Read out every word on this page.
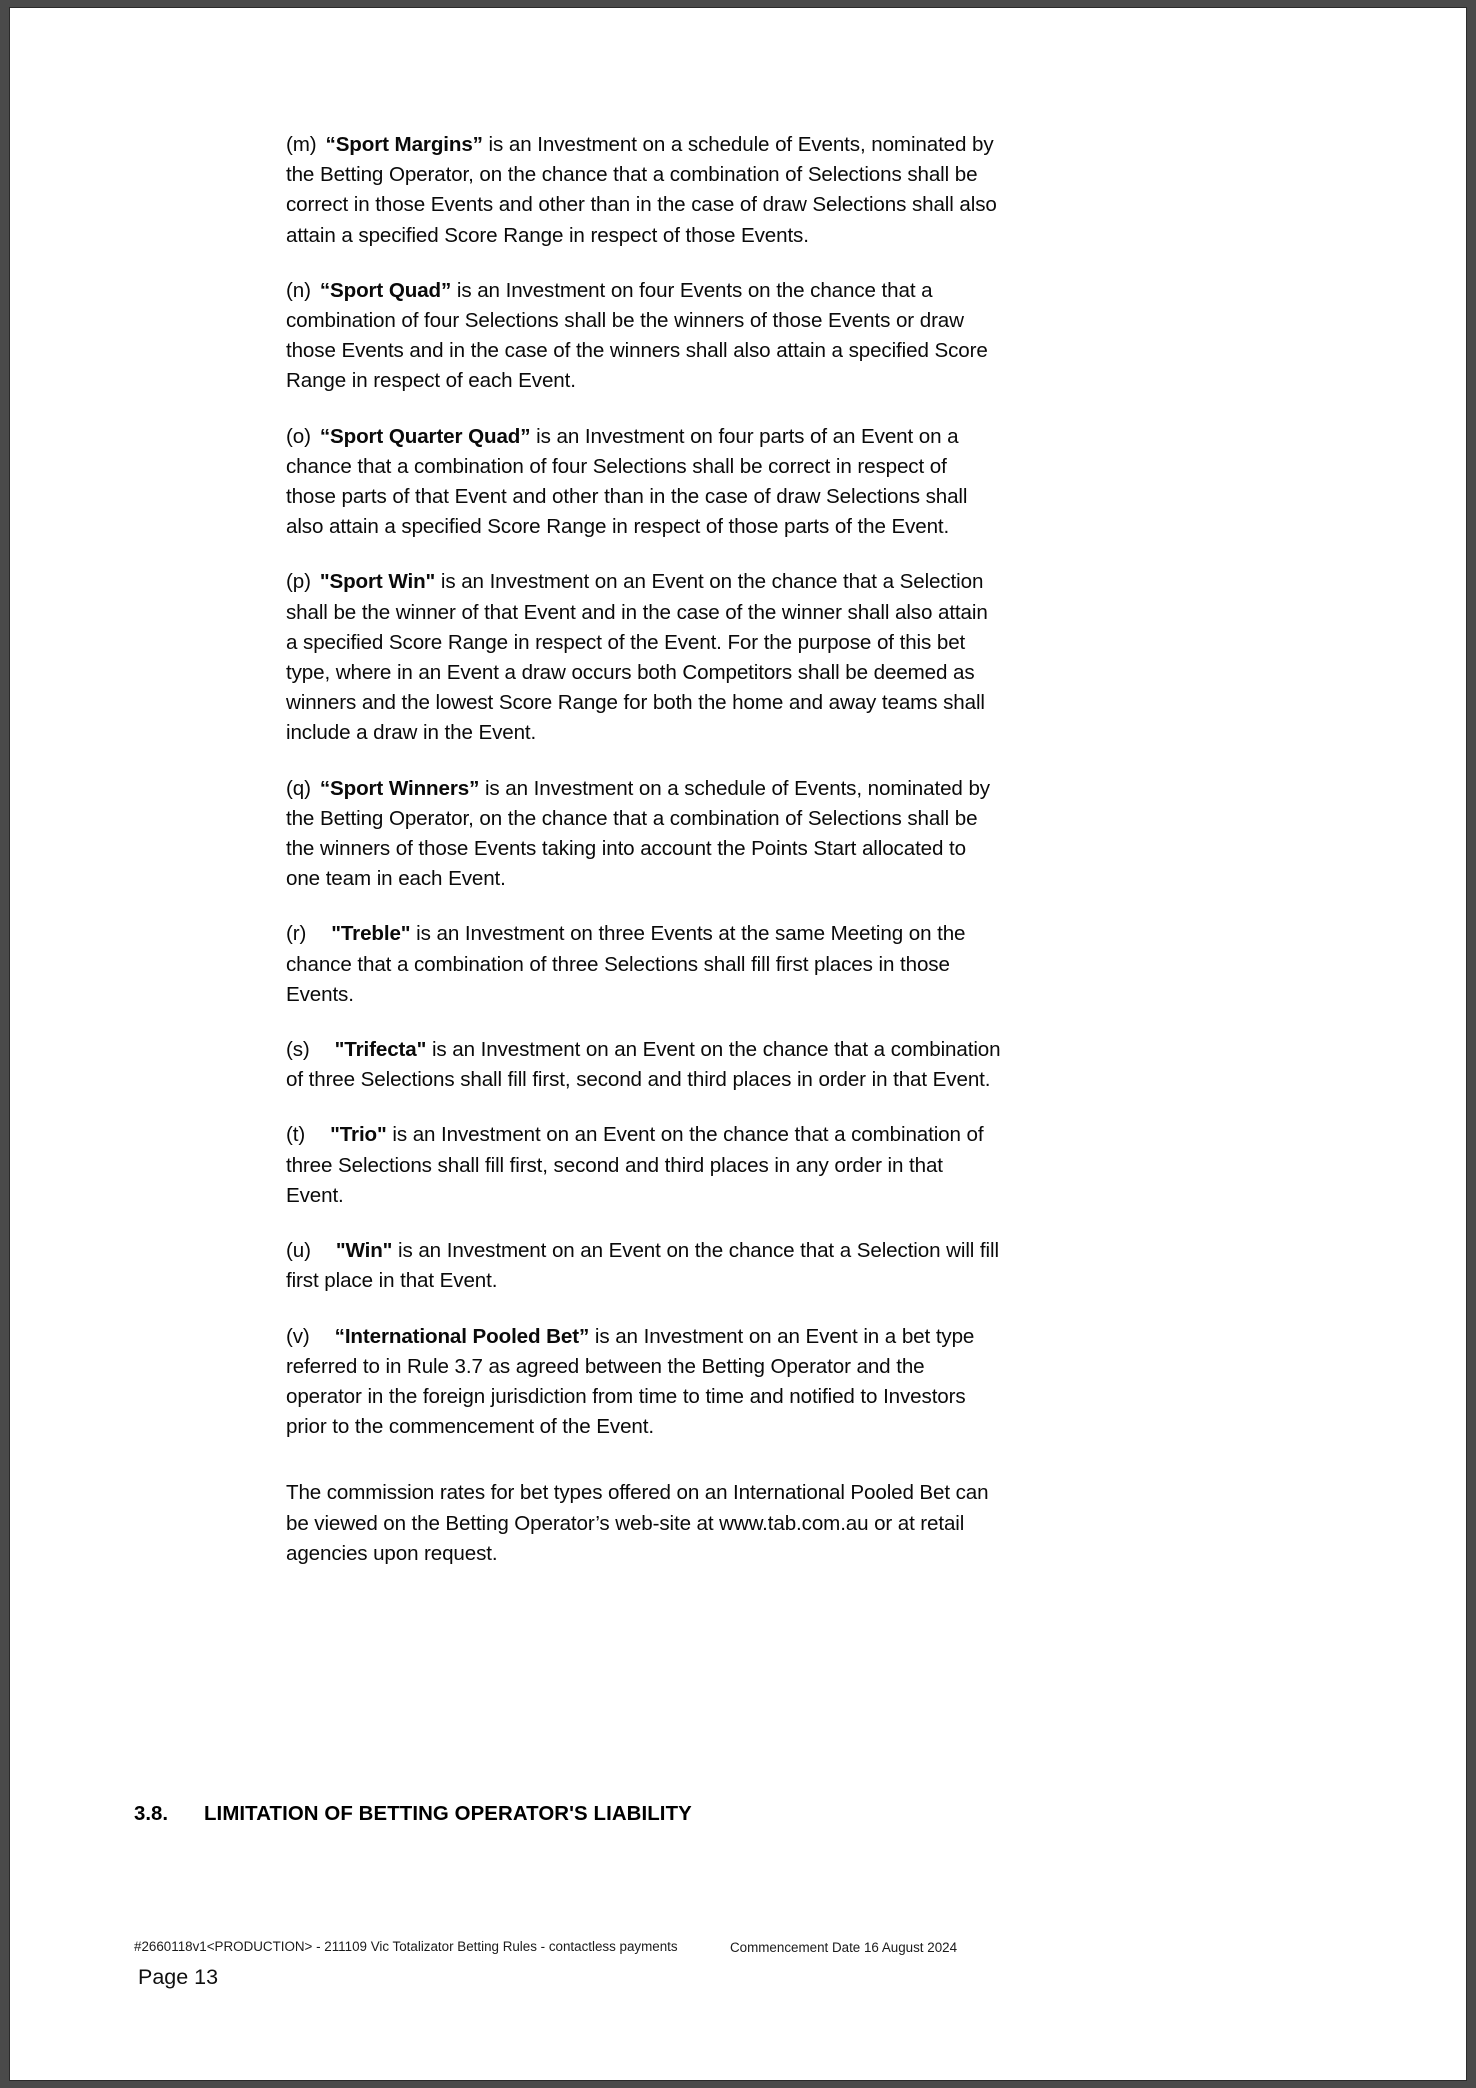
(m) “Sport Margins” is an Investment on a schedule of Events, nominated by the Betting Operator, on the chance that a combination of Selections shall be correct in those Events and other than in the case of draw Selections shall also attain a specified Score Range in respect of those Events.

(n) “Sport Quad” is an Investment on four Events on the chance that a combination of four Selections shall be the winners of those Events or draw those Events and in the case of the winners shall also attain a specified Score Range in respect of each Event.

(o) “Sport Quarter Quad” is an Investment on four parts of an Event on a chance that a combination of four Selections shall be correct in respect of those parts of that Event and other than in the case of draw Selections shall also attain a specified Score Range in respect of those parts of the Event.

(p) "Sport Win" is an Investment on an Event on the chance that a Selection shall be the winner of that Event and in the case of the winner shall also attain a specified Score Range in respect of the Event. For the purpose of this bet type, where in an Event a draw occurs both Competitors shall be deemed as winners and the lowest Score Range for both the home and away teams shall include a draw in the Event.

(q) “Sport Winners” is an Investment on a schedule of Events, nominated by the Betting Operator, on the chance that a combination of Selections shall be the winners of those Events taking into account the Points Start allocated to one team in each Event.

(r) "Treble" is an Investment on three Events at the same Meeting on the chance that a combination of three Selections shall fill first places in those Events.

(s) "Trifecta" is an Investment on an Event on the chance that a combination of three Selections shall fill first, second and third places in order in that Event.

(t) "Trio" is an Investment on an Event on the chance that a combination of three Selections shall fill first, second and third places in any order in that Event.

(u) "Win" is an Investment on an Event on the chance that a Selection will fill first place in that Event.

(v) “International Pooled Bet” is an Investment on an Event in a bet type referred to in Rule 3.7 as agreed between the Betting Operator and the operator in the foreign jurisdiction from time to time and notified to Investors prior to the commencement of the Event.

The commission rates for bet types offered on an International Pooled Bet can be viewed on the Betting Operator’s web-site at www.tab.com.au or at retail agencies upon request.

3.8. LIMITATION OF BETTING OPERATOR'S LIABILITY
#2660118v1<PRODUCTION> - 211109 Vic Totalizator Betting Rules - contactless payments	Commencement Date 16 August 2024
Page 13
